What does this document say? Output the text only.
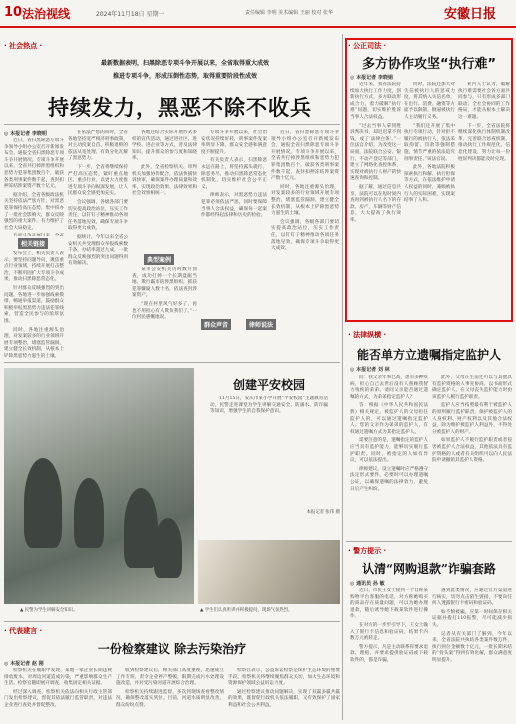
10 法治视线	2024年11月18日 星期一	责任编辑 李明 美术编辑 王丽 校对 张华	安徽日报
· 社会热点 ·
最新数据表明，扫黑除恶专项斗争开展以来，全省取得重大成效
推进专项斗争，形成压倒性态势，取得重要阶段性成效
持续发力，黑恶不除不收兵
◎ 本报记者 李晓明

近日，省扫黑除恶专项斗争领导小组办公室召开新闻发布会，通报全省扫黑除恶专项斗争开展情况。专项斗争开展以来，全省共打掉涉黑组织和恶势力犯罪集团数百个，破获各类刑事案件数千起，查封扣押冻结涉案资产数十亿元。

据介绍，全省各级政法机关坚持依法严惩方针，对黑恶犯罪保持高压态势，集中侦办了一批社会影响大、群众反映强烈的重大案件，有力维护了社会大局稳定。

相关链接

发布会上，相关负责人表示，要坚持问题导向，聚焦重点行业领域，持续开展打击整治，不断巩固扩大专项斗争成果，推动扫黑除恶常态化。

针对群众反映强烈的突出问题，各地进一步加强线索摸排，畅通举报渠道，鼓励群众积极举报黑恶势力违法犯罪线索，营造全民参与的浓厚氛围。

同时，各地注重源头治理，对发案较多的行业领域开展专项整治，堵塞监管漏洞，建立健全长效机制，从根本上铲除黑恶势力滋生的土壤。

在依法严惩的同时，全省各地坚持宽严相济刑事政策，对主动投案自首、积极退赃的依法从宽处理，有效分化瓦解了黑恶势力。

下一步，全省将继续保持严打高压态势，紧盯重点地区、重点行业，以更大力度推进专项斗争向纵深发展，让人民群众安全感更加充实。

会议强调，各级各部门要切实提高政治站位，压实工作责任，以钉钉子精神推动各项任务落地见效，确保专项斗争取得更大成效。

据统计，今年以来全省公安机关共受理群众举报线索数千条，办结率超过九成，一批群众反映强烈的突出问题得到有效解决。

各地还结合实际开展形式多样的宣传活动，通过进社区、进学校、进企业等方式，普及法律知识，提升群众的参与度和知晓率。

此外，全省检察机关、审判机关加强协作配合，依法快捕快诉快审，确保案件办理质量和效率，实现政治效果、法律效果和社会效果相统一。

典型案例

某市公安机关历时数月侦查，成功打掉一个长期盘踞当地、欺行霸市的涉黑组织，抓获犯罪嫌疑人数十名，依法查封涉案资产。

“现在村里风气好多了，再也不用担心有人欺负我们了。”一位村民感慨地说。

专项斗争开展以来，社会治安状况持续好转，刑事案件发案率明显下降，群众安全感和满意度不断提升。

有关负责人表示，扫黑除恶永远在路上，将坚持露头就打、除恶务尽，推动扫黑除恶常态化机制化，切实维护社会公平正义。

律师表示，对黑恶势力违法犯罪必须依法严惩，同时要保障当事人合法权益，确保每一起案件都经得起法律和历史的检验。

群众声音	律师说法

近日，省扫黑除恶专项斗争领导小组办公室召开新闻发布会，通报全省扫黑除恶专项斗争开展情况。专项斗争开展以来，全省共打掉涉黑组织和恶势力犯罪集团数百个，破获各类刑事案件数千起，查封扣押冻结涉案资产数十亿元。

同时，各地注重源头治理，对发案较多的行业领域开展专项整治，堵塞监管漏洞，建立健全长效机制，从根本上铲除黑恶势力滋生的土壤。

会议强调，各级各部门要切实提高政治站位，压实工作责任，以钉钉子精神推动各项任务落地见效，确保专项斗争取得更大成效。

· 公正司法 ·
多方协作攻坚“执行难”
◎ 本报记者 李晓娟

近年来，我省法院持续加大执行工作力度，创新执行方式，多方联动形成合力，着力破解“执行难”问题，切实维护胜诉当事人合法权益。

“过去当事人拿到胜诉判决书，却迟迟拿不到钱，成了‘法律白条’。”一位法官介绍，为改变这一局面，法院联合公安、银行、不动产登记等部门，建立了网络化查控体系，实现对被执行人财产的快速查询和控制。

据了解，通过信息共享，法院可以在短时间内查询到被执行人名下的存款、房产、车辆等财产信息，大大提高了执行效率。

同时，法院还加大对失信被执行人的惩戒力度，将其纳入失信名单，在出行、消费、融资等方面予以限制，倒逼被执行人主动履行义务。

“我们还开展了集中执行专项行动，针对拒不履行的被执行人，依法采取拘留、罚款等强制措施，情节严重的依法追究刑事责任。”该法官说。

此外，各地法院积极探索执行和解、执行担保等方式，在依法维护申请人权益的同时，兼顾被执行人的实际困难，实现案结事了人和。

业内人士认为，破解执行难需要社会各方面共同参与，只有形成多部门联动、全社会协同的工作格局，才能从根本上解决这一难题。

下一步，全省法院将继续深化执行体制机制改革，完善联合惩戒机制，推动执行工作规范化、信息化建设，努力让每一份胜诉判决都能及时兑现。

· 法律纵横 ·
能否单方立遗嘱指定监护人
◎ 本报记者 刘 林

问：我父亲年事已高，患有多种疾病，担心自己去世后没有人照顾我智力残疾的弟弟。请问父亲能否通过遗嘱的方式，为弟弟指定监护人？

答：根据《中华人民共和国民法典》相关规定，被监护人的父母担任监护人的，可以通过遗嘱指定监护人。您的父亲作为弟弟的监护人，有权通过遗嘱方式为其指定监护人。

需要注意的是，遗嘱指定的监护人应当具有监护能力，能够切实履行监护职责。同时，被指定的人如有异议，可以依法提出。

律师建议，设立遗嘱时应严格遵守法定形式要件，必要时可以办理遗嘱公证，以确保遗嘱的法律效力，避免日后产生纠纷。

此外，父母在生前还可以与其他具有监护资格的人事先协商，以书面形式确定监护人，在父母丧失监护能力时由该监护人履行监护职责。

监护人应当按照最有利于被监护人的原则履行监护职责，保护被监护人的人身权利、财产权利以及其他合法权益，除为维护被监护人利益外，不得处分被监护人的财产。

如果监护人不履行监护职责或者侵害被监护人合法权益，其他依法具有监护资格的人或者有关组织可以向人民法院申请撤销其监护人资格。

· 警方提示 ·
认清“网购退款”诈骗套路
◎ 通讯员 孙 敏

近日，市民王女士接到一个自称某购物平台客服的电话，对方称她购买的商品存在质量问题，可以为她办理退款，随后诱导她下载某软件进行操作。

在对方的一步步引导下，王女士输入了银行卡信息和验证码，结果卡内数万元被转走。

警方提示，凡是主动联系你要求退款、理赔，并要求提供验证码或下载软件的，都是诈骗。

遇到此类情况，应通过官方渠道进行核实，切勿点击陌生链接，不要向任何人透露银行卡密码和验证码。

如不慎被骗，应第一时间保存相关证据并拨打110报警，尽可能减少损失。

记者从有关部门了解到，今年以来，全省法院共执结各类案件数万件，执行到位金额数十亿元，一批长期未结的“骨头案”得到有效化解，群众满意度明显提升。

创建平安校园

11月15日，安庆市某小学开展“平安校园”主题教育活动，民警走进课堂为学生讲解交通安全、防溺水、防诈骗等知识，增强学生的自我保护意识。

本报记者 张伟 摄
▲ 民警为学生讲解安全知识。	▲ 学生们认真听讲并积极提问，现场气氛热烈。
· 代表建言 ·
一份检察建议 除去污染治疗
◎ 本报记者 赵 刚

检察机关在履职中发现，某地一家企业长期违规排放废水，对周边河道造成污染，严重影响群众生产生活。检察官随即展开调查，收集固定相关证据。

经过深入调查，检察机关依法向相关行政主管部门发出检察建议，督促其依法履行监管职责，对违法企业进行查处并督促整改。

收到检察建议后，相关部门高度重视，迅速成立工作专班，责令企业停产整顿，限期完成污水处理设施改造，并对受污染河道开展综合治理。

检察机关持续跟进监督，多次到现场查看整改情况，确保整改落实到位。目前，河道水质明显改善，群众纷纷点赞。

检察官表示，公益诉讼检察是保护生态环境的重要手段。检察机关将继续聚焦群众关切，加大生态环境和资源保护领域公益诉讼力度。

通过检察建议推动问题解决，实现了双赢多赢共赢的效果，既督促行政机关依法履职，又有效保护了国家利益和社会公共利益。
